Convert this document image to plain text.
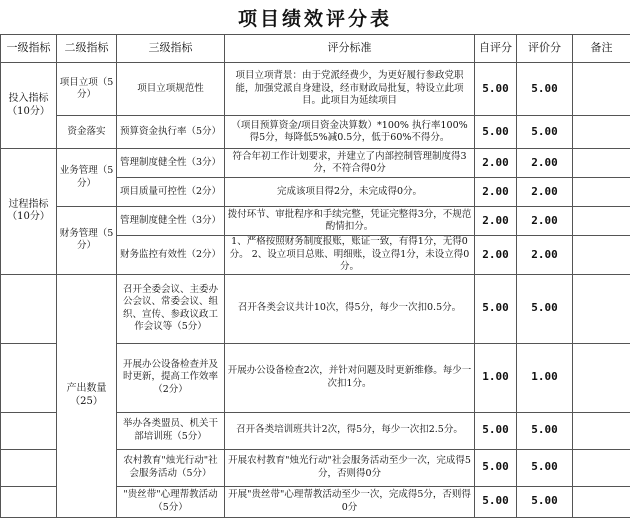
项目绩效评分表
一级指标	二级指标	三级指标	评分标准	自评分	评价分	备注
投入指标（10分）	项目立项（5分）	项目立项规范性	项目立项背景：由于党派经费少，为更好履行参政党职能，加强党派自身建设，经市财政局批复，特设立此项目。此项目为延续项目	5.00	5.00	
	资金落实	预算资金执行率（5分）	（项目预算资金/项目资金决算数）*100% 执行率100%得5分，每降低5%减0.5分，低于60%不得分。	5.00	5.00	
过程指标（10分）	业务管理（5分）	管理制度健全性（3分）	符合年初工作计划要求，并建立了内部控制管理制度得3分，不符合得0分	2.00	2.00	
		项目质量可控性（2分）	完成该项目得2分，未完成得0分。	2.00	2.00	
	财务管理（5分）	管理制度健全性（3分）	拨付环节、审批程序和手续完整，凭证完整得3分，不规范酌情扣分。	2.00	2.00	
		财务监控有效性（2分）	1、严格按照财务制度报账，账证一致，有得1分，无得0分。 2、设立项目总账、明细账，设立得1分，未设立得0分。	2.00	2.00	
	产出数量（25）	召开全委会议、主委办公会议、常委会议、组织、宣传、参政议政工作会议等（5分）	召开各类会议共计10次，得5分，每少一次扣0.5分。	5.00	5.00	
		开展办公设备检查并及时更新，提高工作效率（2分）	开展办公设备检查2次，并针对问题及时更新维修。每少一次扣1分。	1.00	1.00	
		举办各类盟员、机关干部培训班（5分）	召开各类培训班共计2次，得5分，每少一次扣2.5分。	5.00	5.00	
		农村教育"烛光行动"社会服务活动（5分）	开展农村教育"烛光行动"社会服务活动至少一次，完成得5分，否则得0分	5.00	5.00	
		"贵丝带"心理帮教活动（5分）	开展"贵丝带"心理帮教活动至少一次，完成得5分，否则得0分	5.00	5.00	
